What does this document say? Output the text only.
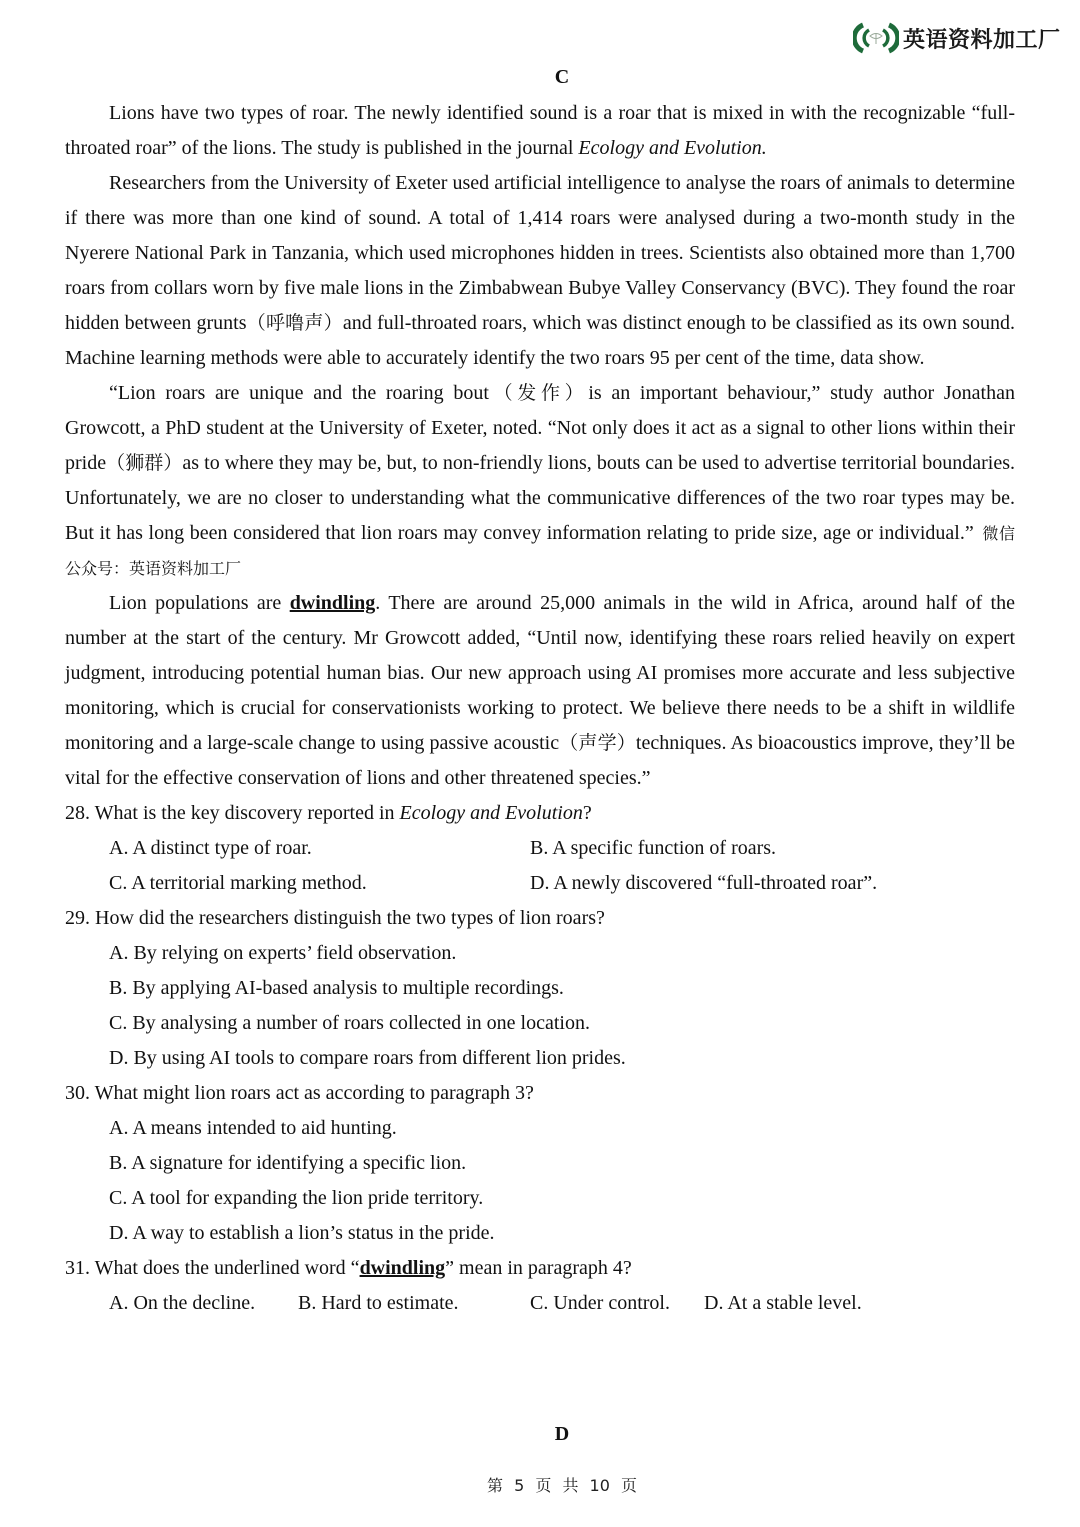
英语资料加工厂
C

Lions have two types of roar. The newly identified sound is a roar that is mixed in with the recognizable “full- throated roar” of the lions. The study is published in the journal Ecology and Evolution.

Researchers from the University of Exeter used artificial intelligence to analyse the roars of animals to determine if there was more than one kind of sound. A total of 1,414 roars were analysed during a two-month study in the Nyerere National Park in Tanzania, which used microphones hidden in trees. Scientists also obtained more than 1,700 roars from collars worn by five male lions in the Zimbabwean Bubye Valley Conservancy (BVC). They found the roar hidden between grunts（呼噜声）and full-throated roars, which was distinct enough to be classified as its own sound. Machine learning methods were able to accurately identify the two roars 95 per cent of the time, data show.

“Lion roars are unique and the roaring bout（发作）is an important behaviour,” study author Jonathan Growcott, a PhD student at the University of Exeter, noted. “Not only does it act as a signal to other lions within their pride（狮群）as to where they may be, but, to non-friendly lions, bouts can be used to advertise territorial boundaries. Unfortunately, we are no closer to understanding what the communicative differences of the two roar types may be. But it has long been considered that lion roars may convey information relating to pride size, age or individual.” 微信公众号：英语资料加工厂

Lion populations are dwindling. There are around 25,000 animals in the wild in Africa, around half of the number at the start of the century. Mr Growcott added, “Until now, identifying these roars relied heavily on expert judgment, introducing potential human bias. Our new approach using AI promises more accurate and less subjective monitoring, which is crucial for conservationists working to protect. We believe there needs to be a shift in wildlife monitoring and a large-scale change to using passive acoustic（声学）techniques. As bioacoustics improve, they’ll be vital for the effective conservation of lions and other threatened species.”

28. What is the key discovery reported in Ecology and Evolution?

A. A distinct type of roar.	B. A specific function of roars.
C. A territorial marking method.	D. A newly discovered “full-throated roar”.

29. How did the researchers distinguish the two types of lion roars?

A. By relying on experts’ field observation.
B. By applying AI-based analysis to multiple recordings.
C. By analysing a number of roars collected in one location.
D. By using AI tools to compare roars from different lion prides.

30. What might lion roars act as according to paragraph 3?

A. A means intended to aid hunting.
B. A signature for identifying a specific lion.
C. A tool for expanding the lion pride territory.
D. A way to establish a lion’s status in the pride.

31. What does the underlined word “dwindling” mean in paragraph 4?

A. On the decline. B. Hard to estimate.	C. Under control. D. At a stable level.
D
第 5 页 共 10 页
